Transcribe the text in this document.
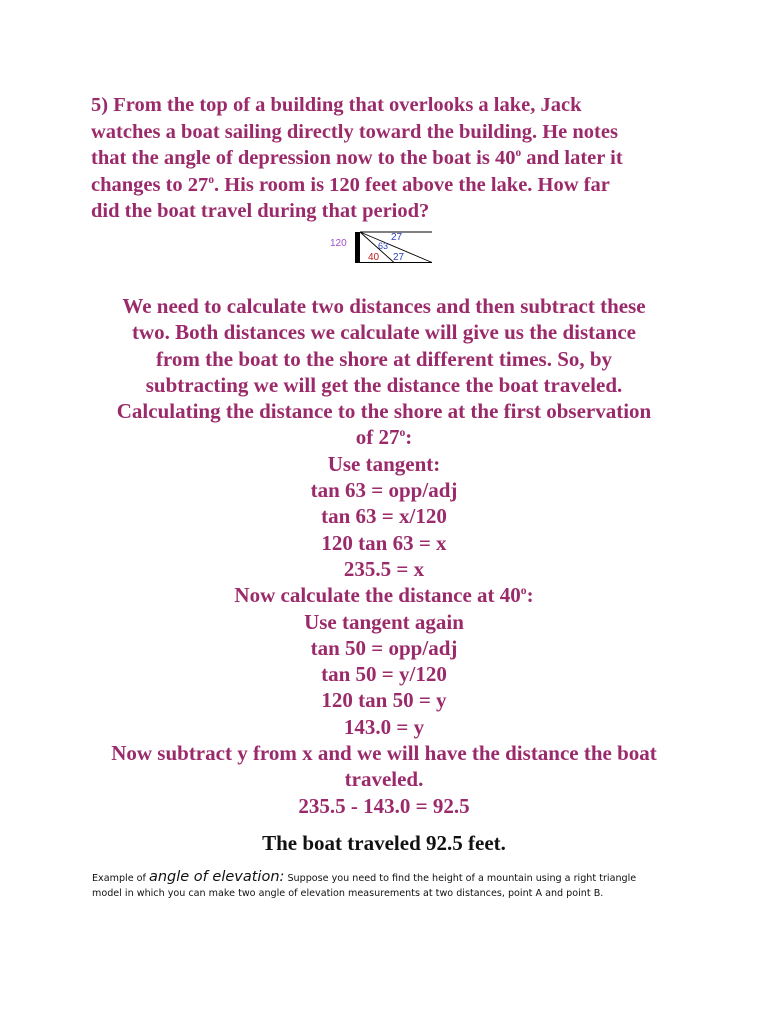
5) From the top of a building that overlooks a lake, Jack
watches a boat sailing directly toward the building. He notes
that the angle of depression now to the boat is 40$^o$ and later it
changes to 27$^o$. His room is 120 feet above the lake. How far
did the boat travel during that period?
120
27
63
40 27
We need to calculate two distances and then subtract these
two. Both distances we calculate will give us the distance
from the boat to the shore at different times. So, by
subtracting we will get the distance the boat traveled.
Calculating the distance to the shore at the first observation
of 27$^o$:
Use tangent:
tan 63 = opp/adj
tan 63 = x/120
120 tan 63 = x
235.5 = x
Now calculate the distance at 40$^o$:
Use tangent again
tan 50 = opp/adj
tan 50 = y/120
120 tan 50 = y
143.0 = y
Now subtract y from x and we will have the distance the boat
traveled.
235.5 - 143.0 = 92.5
The boat traveled 92.5 feet.
Example of angle of elevation: Suppose you need to find the height of a mountain using a right triangle
model in which you can make two angle of elevation measurements at two distances, point A and point B.
